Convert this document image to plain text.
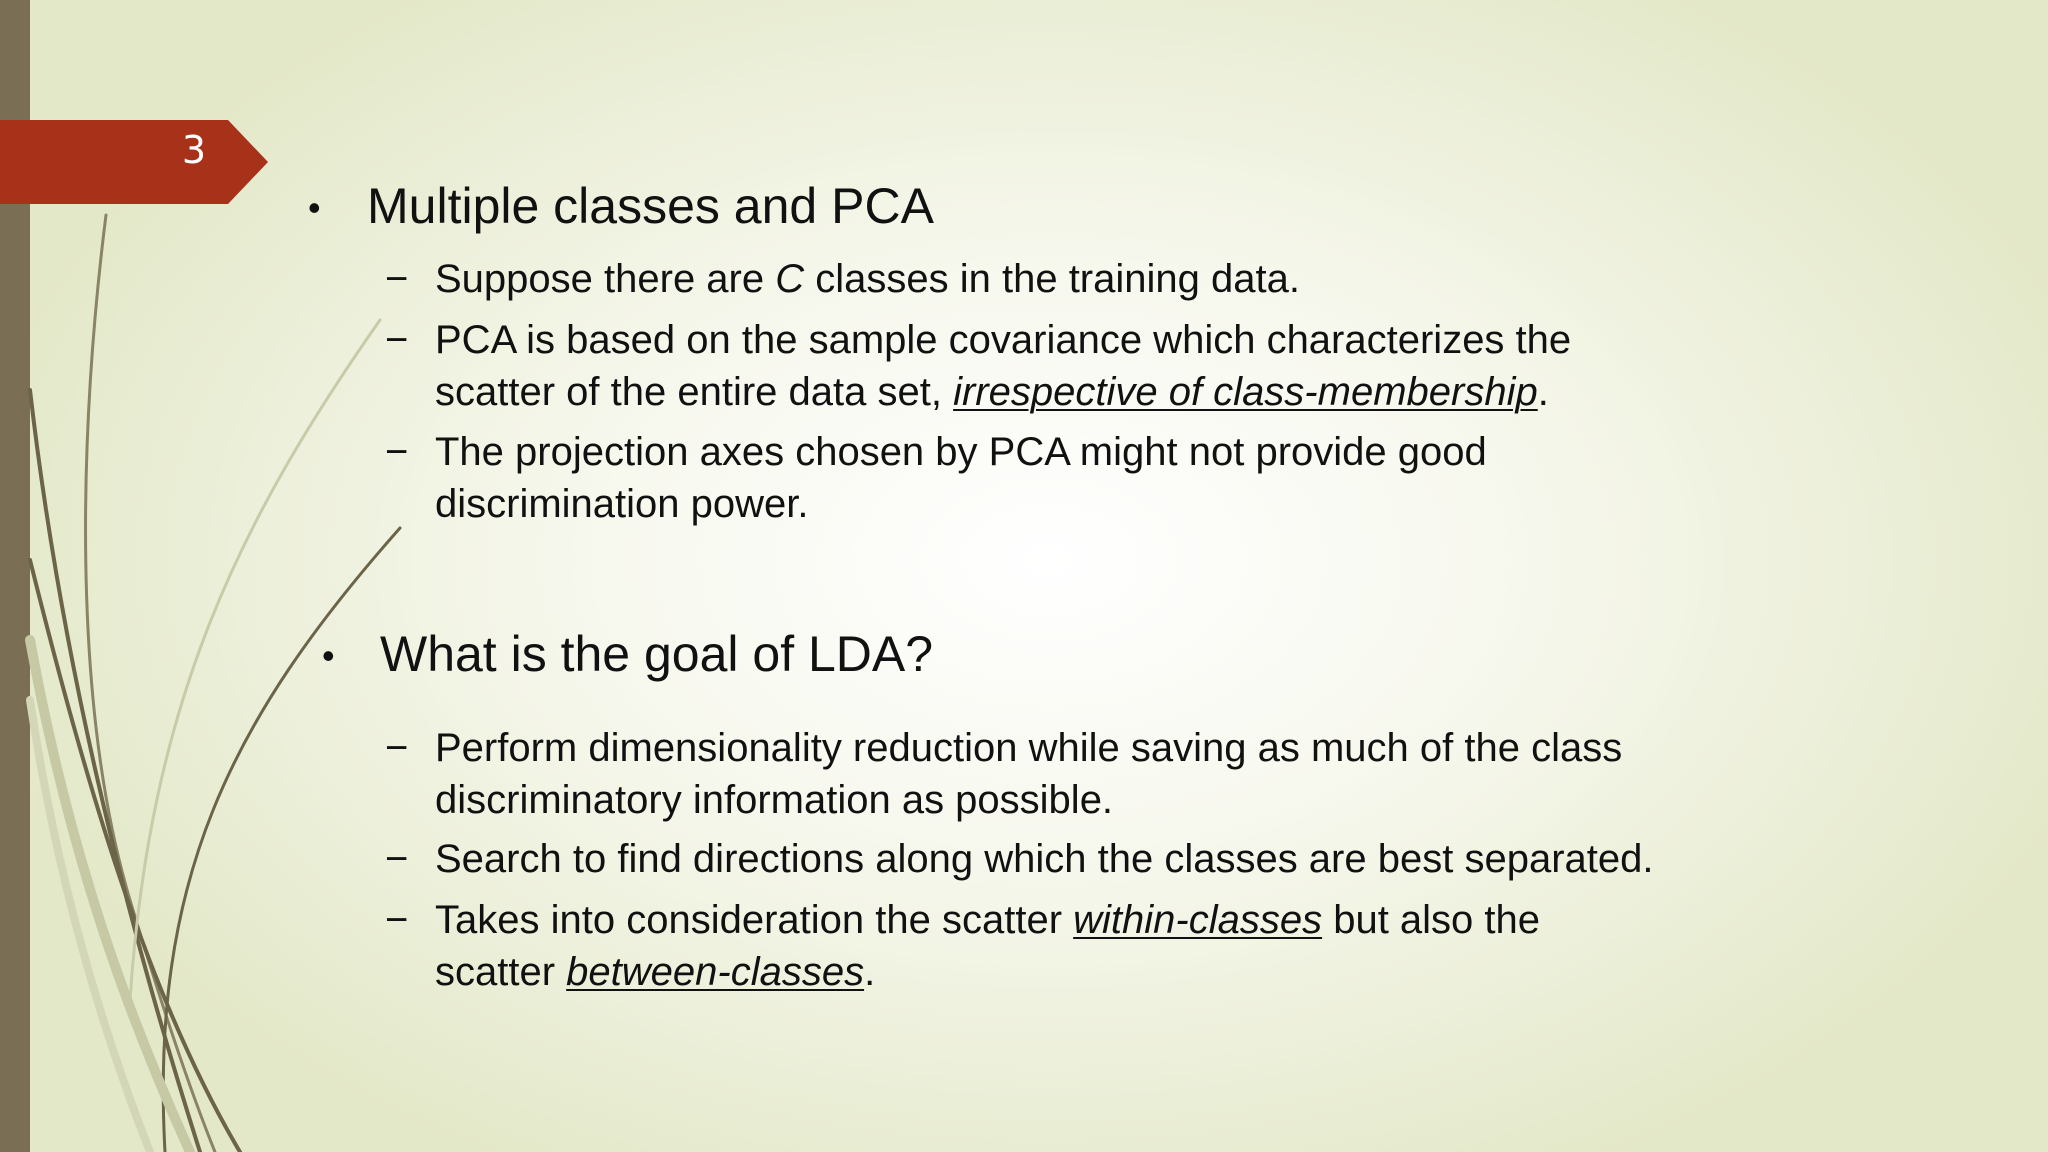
3
• Multiple classes and PCA
− Suppose there are C classes in the training data.
− PCA is based on the sample covariance which characterizes the
scatter of the entire data set, irrespective of class-membership.
− The projection axes chosen by PCA might not provide good
discrimination power.
• What is the goal of LDA?
− Perform dimensionality reduction while saving as much of the class
discriminatory information as possible.
− Search to find directions along which the classes are best separated.
− Takes into consideration the scatter within-classes but also the
scatter between-classes.
